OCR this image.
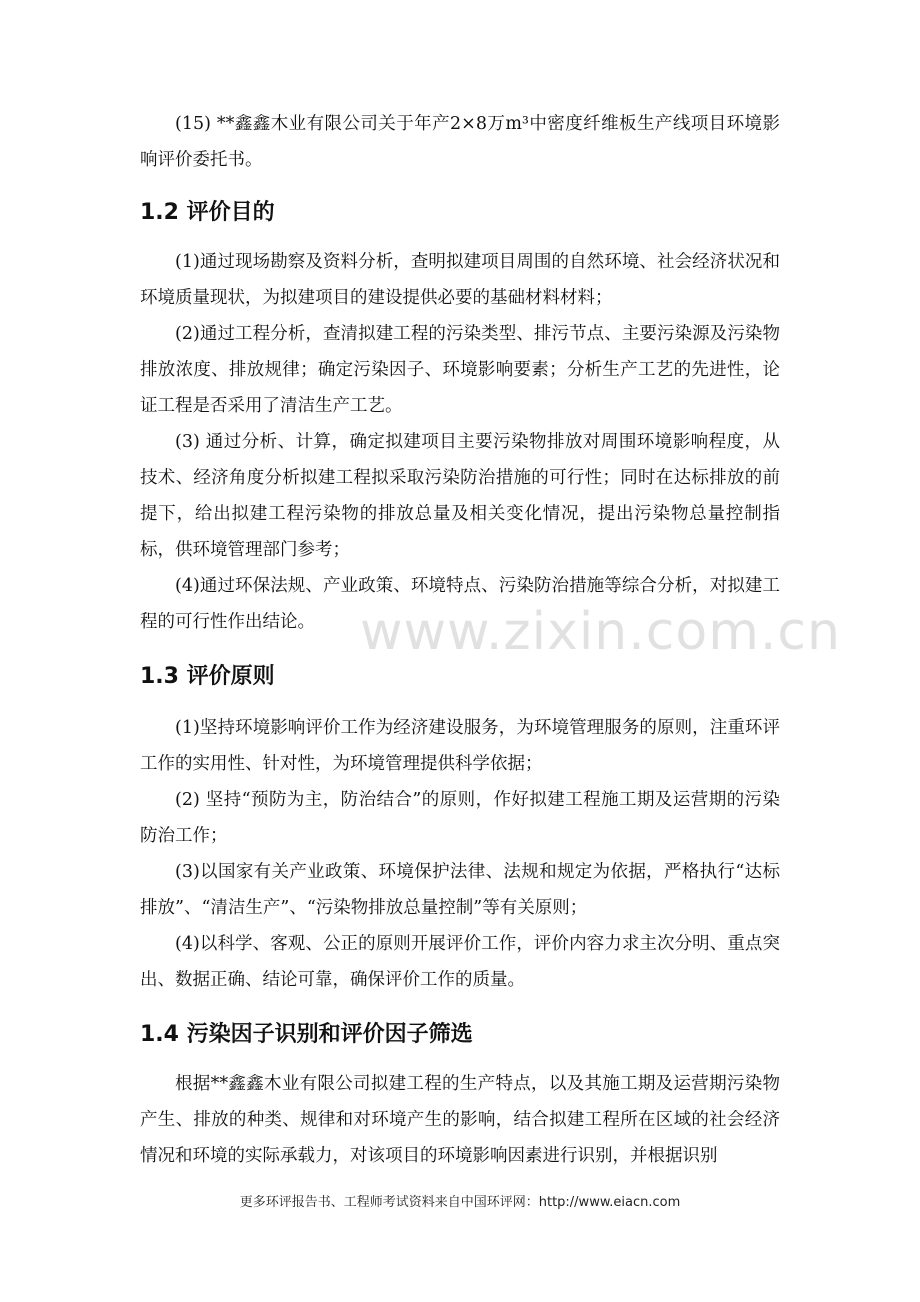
(15) **鑫鑫木业有限公司关于年产2×8万m³中密度纤维板生产线项目环境影响评价委托书。

1.2 评价目的

(1)通过现场勘察及资料分析，查明拟建项目周围的自然环境、社会经济状况和环境质量现状，为拟建项目的建设提供必要的基础材料材料；

(2)通过工程分析，查清拟建工程的污染类型、排污节点、主要污染源及污染物排放浓度、排放规律；确定污染因子、环境影响要素；分析生产工艺的先进性，论证工程是否采用了清洁生产工艺。

(3) 通过分析、计算，确定拟建项目主要污染物排放对周围环境影响程度，从技术、经济角度分析拟建工程拟采取污染防治措施的可行性；同时在达标排放的前提下，给出拟建工程污染物的排放总量及相关变化情况，提出污染物总量控制指标，供环境管理部门参考；

(4)通过环保法规、产业政策、环境特点、污染防治措施等综合分析，对拟建工程的可行性作出结论。

1.3 评价原则

(1)坚持环境影响评价工作为经济建设服务，为环境管理服务的原则，注重环评工作的实用性、针对性，为环境管理提供科学依据；

(2) 坚持“预防为主，防治结合”的原则，作好拟建工程施工期及运营期的污染防治工作；

(3)以国家有关产业政策、环境保护法律、法规和规定为依据，严格执行“达标排放”、“清洁生产”、“污染物排放总量控制”等有关原则；

(4)以科学、客观、公正的原则开展评价工作，评价内容力求主次分明、重点突出、数据正确、结论可靠，确保评价工作的质量。

1.4 污染因子识别和评价因子筛选

根据**鑫鑫木业有限公司拟建工程的生产特点，以及其施工期及运营期污染物产生、排放的种类、规律和对环境产生的影响，结合拟建工程所在区域的社会经济情况和环境的实际承载力，对该项目的环境影响因素进行识别，并根据识别

www.zixin.com.cn
更多环评报告书、工程师考试资料来自中国环评网：http://www.eiacn.com
